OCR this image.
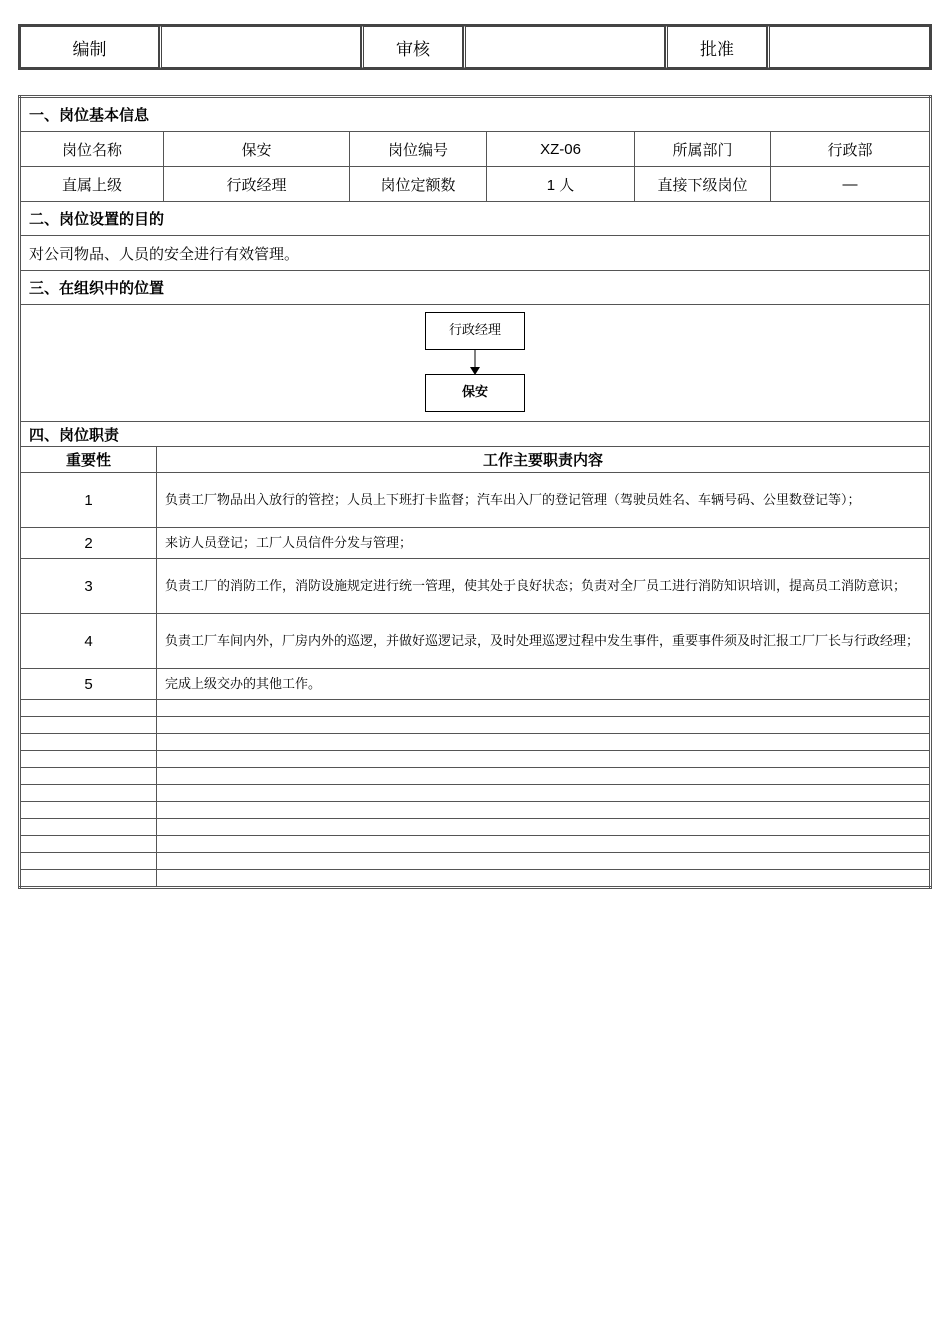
编制		审核		批准	
一、岗位基本信息						
岗位名称		保安	岗位编号	XZ-06	所属部门	行政部
直属上级		行政经理	岗位定额数	1 人	直接下级岗位	—
二、岗位设置的目的						
对公司物品、人员的安全进行有效管理。						
三、在组织中的位置						

行政经理
保安						

四、岗位职责						
重要性	工作主要职责内容					
1	负责工厂物品出入放行的管控；人员上下班打卡监督；汽车出入厂的登记管理（驾驶员姓名、车辆号码、公里数登记等）；					
2	来访人员登记；工厂人员信件分发与管理；					
3	负责工厂的消防工作，消防设施规定进行统一管理，使其处于良好状态；负责对全厂员工进行消防知识培训，提高员工消防意识；					
4	负责工厂车间内外，厂房内外的巡逻，并做好巡逻记录，及时处理巡逻过程中发生事件，重要事件须及时汇报工厂厂长与行政经理；					
5	完成上级交办的其他工作。					
